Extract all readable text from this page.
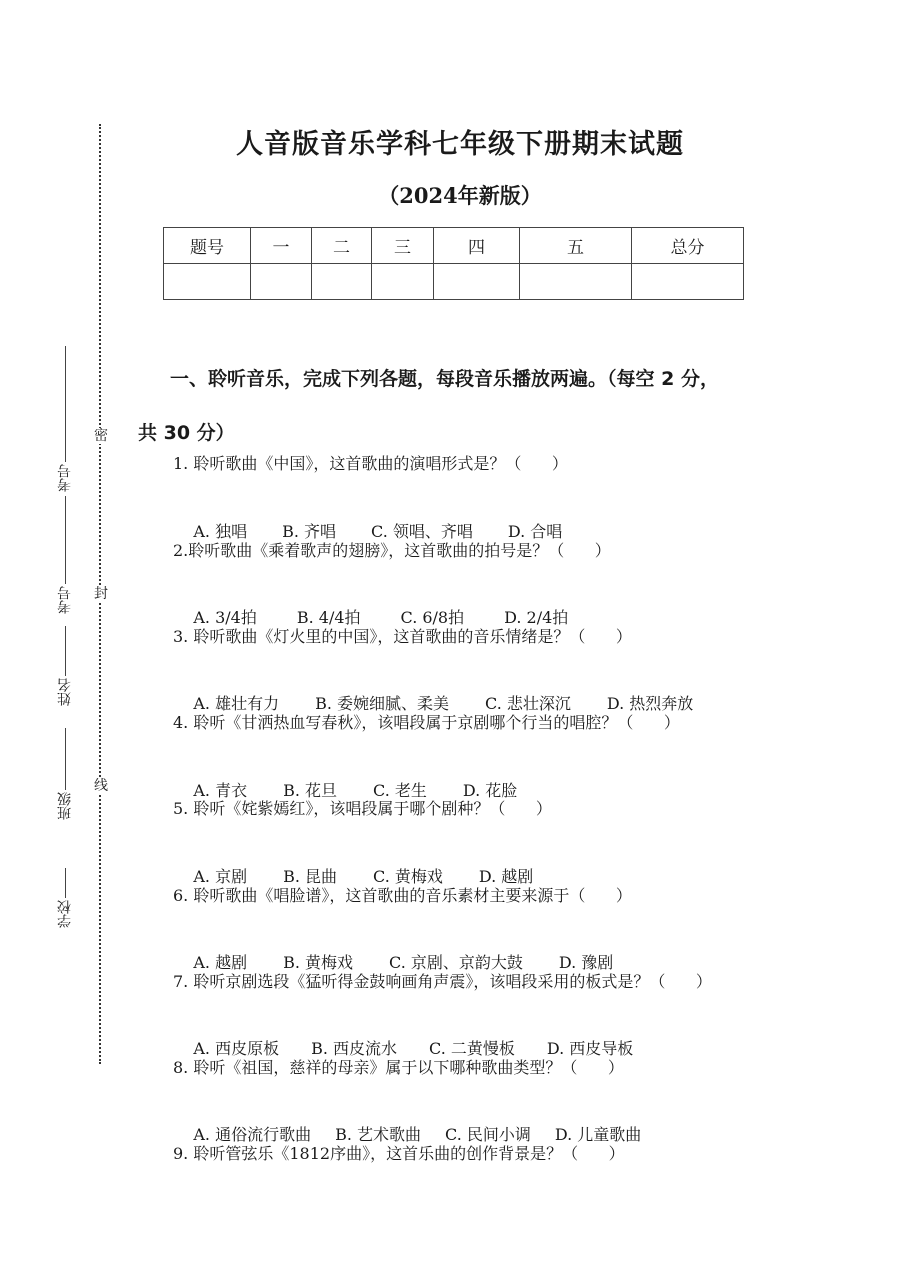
密
封
线
考号
考号
姓名
班级
学校
人音版音乐学科七年级下册期末试题
（2024年新版）
题号	一	二	三	四	五	总分

一、聆听音乐，完成下列各题，每段音乐播放两遍。（每空 2 分，
共 30 分）
1. 聆听歌曲《中国》，这首歌曲的演唱形式是？（      ）

A. 独唱 B. 齐唱 C. 领唱、齐唱 D. 合唱

2.聆听歌曲《乘着歌声的翅膀》，这首歌曲的拍号是？（      ）

A. 3/4拍	B. 4/4拍	C. 6/8拍	D. 2/4拍

3. 聆听歌曲《灯火里的中国》，这首歌曲的音乐情绪是？（      ）

A. 雄壮有力 B. 委婉细腻、柔美 C. 悲壮深沉 D. 热烈奔放

4. 聆听《甘洒热血写春秋》，该唱段属于京剧哪个行当的唱腔？（      ）

A. 青衣 B. 花旦 C. 老生 D. 花脸

5. 聆听《姹紫嫣红》，该唱段属于哪个剧种？（      ）

A. 京剧 B. 昆曲 C. 黄梅戏 D. 越剧

6. 聆听歌曲《唱脸谱》，这首歌曲的音乐素材主要来源于（      ）

A. 越剧 B. 黄梅戏 C. 京剧、京韵大鼓 D. 豫剧

7. 聆听京剧选段《猛听得金鼓响画角声震》，该唱段采用的板式是？（      ）

A. 西皮原板 B. 西皮流水 C. 二黄慢板 D. 西皮导板

8. 聆听《祖国，慈祥的母亲》属于以下哪种歌曲类型？（      ）

A. 通俗流行歌曲 B. 艺术歌曲 C. 民间小调 D. 儿童歌曲

9. 聆听管弦乐《1812序曲》，这首乐曲的创作背景是？（      ）
